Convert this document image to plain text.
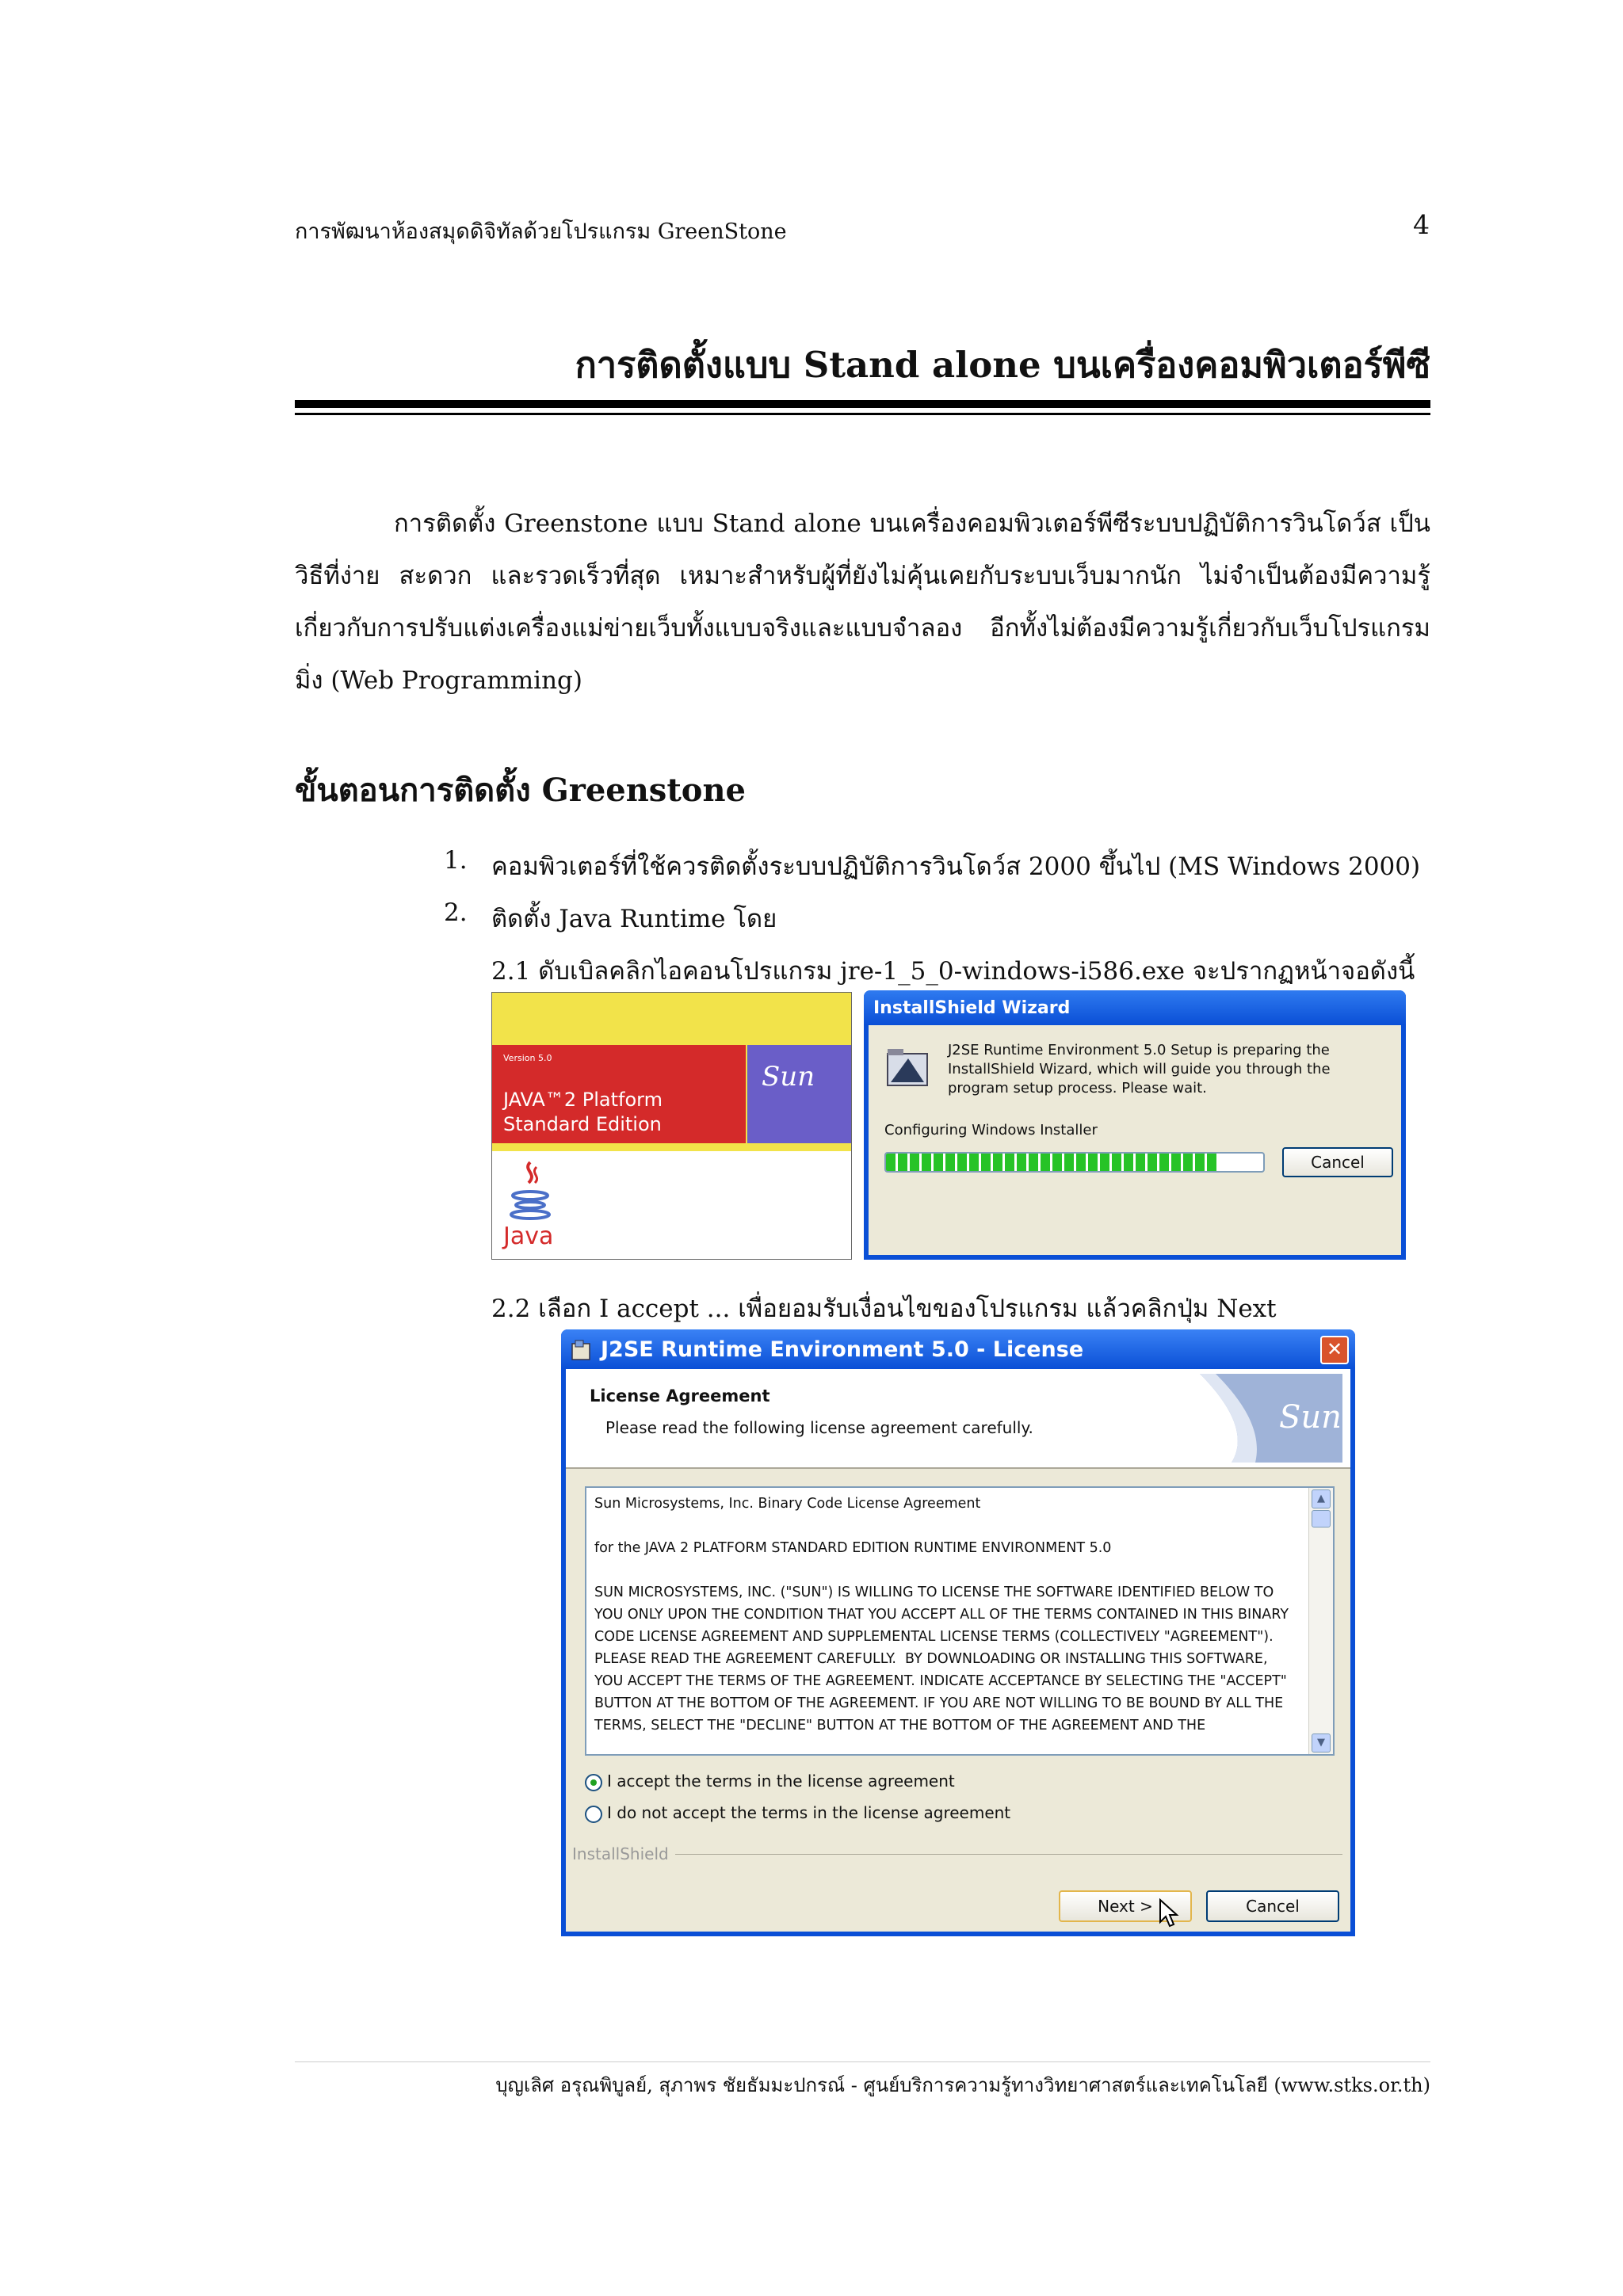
การพัฒนาห้องสมุดดิจิทัลด้วยโปรแกรม GreenStone	4
การติดตั้งแบบ Stand alone บนเครื่องคอมพิวเตอร์พีซี
การติดตั้ง Greenstone แบบ Stand alone บนเครื่องคอมพิวเตอร์พีซีระบบปฏิบัติการวินโดว์ส เป็นวิธีที่ง่าย สะดวก และรวดเร็วที่สุด เหมาะสำหรับผู้ที่ยังไม่คุ้นเคยกับระบบเว็บมากนัก ไม่จำเป็นต้องมีความรู้เกี่ยวกับการปรับแต่งเครื่องแม่ข่ายเว็บทั้งแบบจริงและแบบจำลอง อีกทั้งไม่ต้องมีความรู้เกี่ยวกับเว็บโปรแกรมมิ่ง (Web Programming)
ขั้นตอนการติดตั้ง Greenstone
1. คอมพิวเตอร์ที่ใช้ควรติดตั้งระบบปฏิบัติการวินโดว์ส 2000 ขึ้นไป (MS Windows 2000)
2. ติดตั้ง Java Runtime โดย
2.1 ดับเบิลคลิกไอคอนโปรแกรม jre-1_5_0-windows-i586.exe จะปรากฏหน้าจอดังนี้
Version 5.0
JAVA™2 Platform
Standard Edition
Sun
Java
InstallShield Wizard
J2SE Runtime Environment 5.0 Setup is preparing the InstallShield Wizard, which will guide you through the program setup process. Please wait.
Configuring Windows Installer
Cancel
2.2 เลือก I accept ... เพื่อยอมรับเงื่อนไขของโปรแกรม แล้วคลิกปุ่ม Next
J2SE Runtime Environment 5.0 - License	✕
License Agreement
Please read the following license agreement carefully.	Sun
Sun Microsystems, Inc. Binary Code License Agreement

for the JAVA 2 PLATFORM STANDARD EDITION RUNTIME ENVIRONMENT 5.0

SUN MICROSYSTEMS, INC. ("SUN") IS WILLING TO LICENSE THE SOFTWARE IDENTIFIED BELOW TO YOU ONLY UPON THE CONDITION THAT YOU ACCEPT ALL OF THE TERMS CONTAINED IN THIS BINARY CODE LICENSE AGREEMENT AND SUPPLEMENTAL LICENSE TERMS (COLLECTIVELY "AGREEMENT").  PLEASE READ THE AGREEMENT CAREFULLY.  BY DOWNLOADING OR INSTALLING THIS SOFTWARE, YOU ACCEPT THE TERMS OF THE AGREEMENT. INDICATE ACCEPTANCE BY SELECTING THE "ACCEPT" BUTTON AT THE BOTTOM OF THE AGREEMENT. IF YOU ARE NOT WILLING TO BE BOUND BY ALL THE TERMS, SELECT THE "DECLINE" BUTTON AT THE BOTTOM OF THE AGREEMENT AND THE
▲
▼
I accept the terms in the license agreement
I do not accept the terms in the license agreement
InstallShield
Next >	Cancel
บุญเลิศ อรุณพิบูลย์, สุภาพร ชัยธัมมะปกรณ์ - ศูนย์บริการความรู้ทางวิทยาศาสตร์และเทคโนโลยี (www.stks.or.th)
